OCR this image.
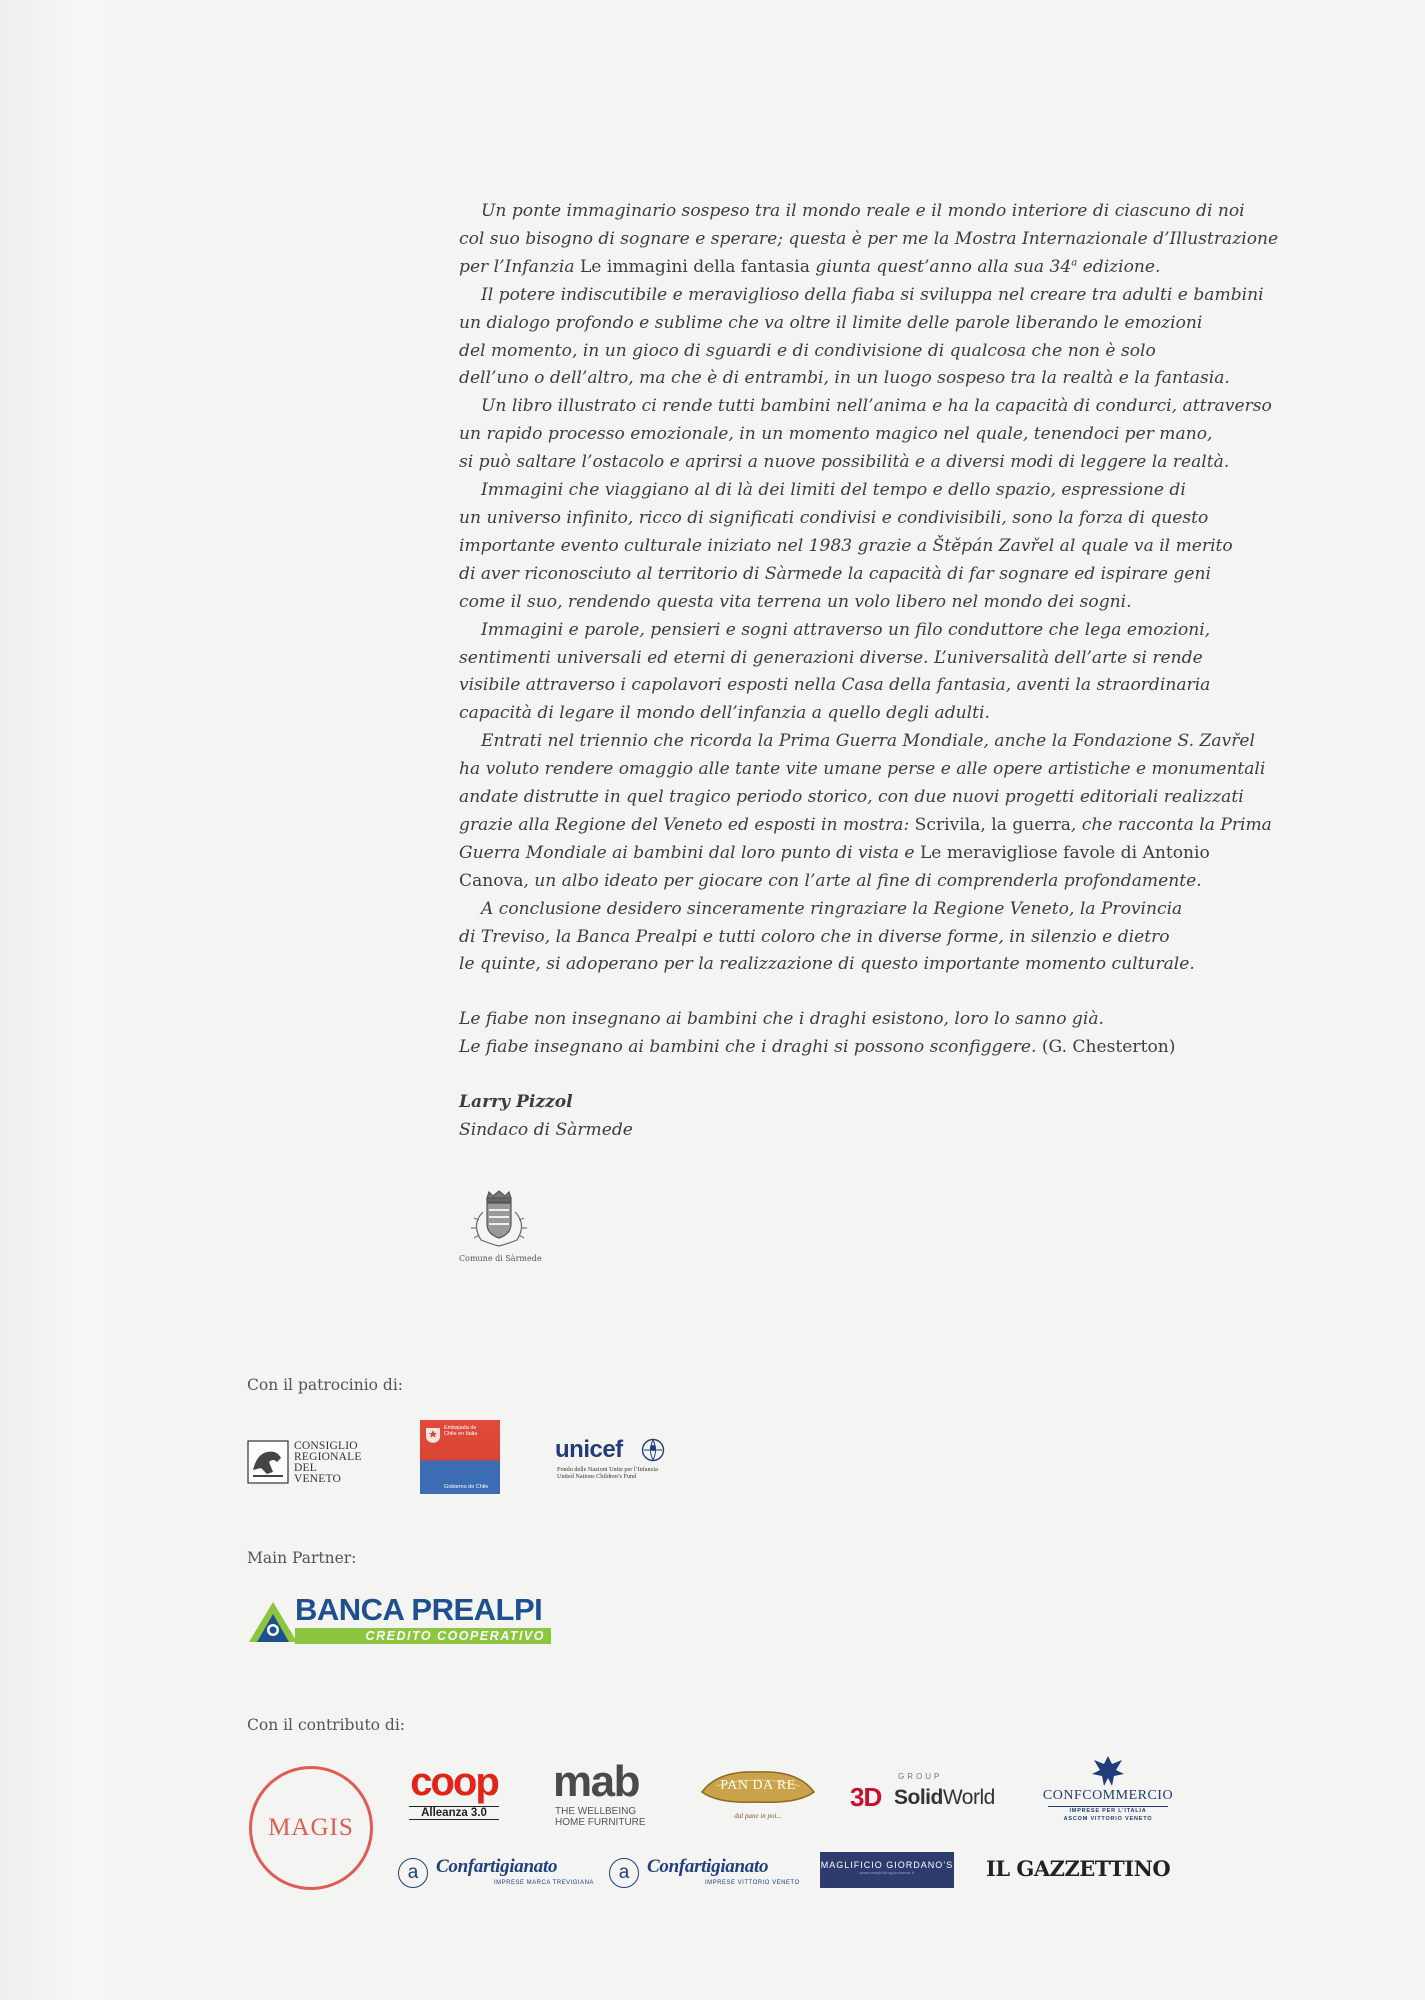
Un ponte immaginario sospeso tra il mondo reale e il mondo interiore di ciascuno di noi
col suo bisogno di sognare e sperare; questa è per me la Mostra Internazionale d’Illustrazione
per l’Infanzia Le immagini della fantasia giunta quest’anno alla sua 34$^a$ edizione.
Il potere indiscutibile e meraviglioso della fiaba si sviluppa nel creare tra adulti e bambini
un dialogo profondo e sublime che va oltre il limite delle parole liberando le emozioni
del momento, in un gioco di sguardi e di condivisione di qualcosa che non è solo
dell’uno o dell’altro, ma che è di entrambi, in un luogo sospeso tra la realtà e la fantasia.
Un libro illustrato ci rende tutti bambini nell’anima e ha la capacità di condurci, attraverso
un rapido processo emozionale, in un momento magico nel quale, tenendoci per mano,
si può saltare l’ostacolo e aprirsi a nuove possibilità e a diversi modi di leggere la realtà.
Immagini che viaggiano al di là dei limiti del tempo e dello spazio, espressione di
un universo infinito, ricco di significati condivisi e condivisibili, sono la forza di questo
importante evento culturale iniziato nel 1983 grazie a Štěpán Zavřel al quale va il merito
di aver riconosciuto al territorio di Sàrmede la capacità di far sognare ed ispirare geni
come il suo, rendendo questa vita terrena un volo libero nel mondo dei sogni.
Immagini e parole, pensieri e sogni attraverso un filo conduttore che lega emozioni,
sentimenti universali ed eterni di generazioni diverse. L’universalità dell’arte si rende
visibile attraverso i capolavori esposti nella Casa della fantasia, aventi la straordinaria
capacità di legare il mondo dell’infanzia a quello degli adulti.
Entrati nel triennio che ricorda la Prima Guerra Mondiale, anche la Fondazione S. Zavřel
ha voluto rendere omaggio alle tante vite umane perse e alle opere artistiche e monumentali
andate distrutte in quel tragico periodo storico, con due nuovi progetti editoriali realizzati
grazie alla Regione del Veneto ed esposti in mostra: Scrivila, la guerra, che racconta la Prima
Guerra Mondiale ai bambini dal loro punto di vista e Le meravigliose favole di Antonio
Canova, un albo ideato per giocare con l’arte al fine di comprenderla profondamente.
A conclusione desidero sinceramente ringraziare la Regione Veneto, la Provincia
di Treviso, la Banca Prealpi e tutti coloro che in diverse forme, in silenzio e dietro
le quinte, si adoperano per la realizzazione di questo importante momento culturale.
Le fiabe non insegnano ai bambini che i draghi esistono, loro lo sanno già.
Le fiabe insegnano ai bambini che i draghi si possono sconfiggere. (G. Chesterton)
Larry Pizzol
Sindaco di Sàrmede
Comune di Sàrmede
Con il patrocinio di:
CONSIGLIO
REGIONALE
DEL
VENETO
Embajada de
Chile en Italia
Gobierno de Chile
unicef
Fondo delle Nazioni Unite per l’Infanzia
United Nations Children’s Fund
Main Partner:
BANCA PREALPI
CREDITO COOPERATIVO
Con il contributo di:
MAGIS
coop
Alleanza 3.0
mab
THE WELLBEING
HOME FURNITURE
PAN DA RE
dal pane in poi...
GROUP
3D SolidWorld	CONFCOMMERCIO
IMPRESE PER L’ITALIA
ASCOM VITTORIO VENETO
a Confartigianato
IMPRESE MARCA TREVIGIANA	a Confartigianato
IMPRESE VITTORIO VENETO
MAGLIFICIO GIORDANO’S
www.maglificiogiordanos.it	IL GAZZETTINO
